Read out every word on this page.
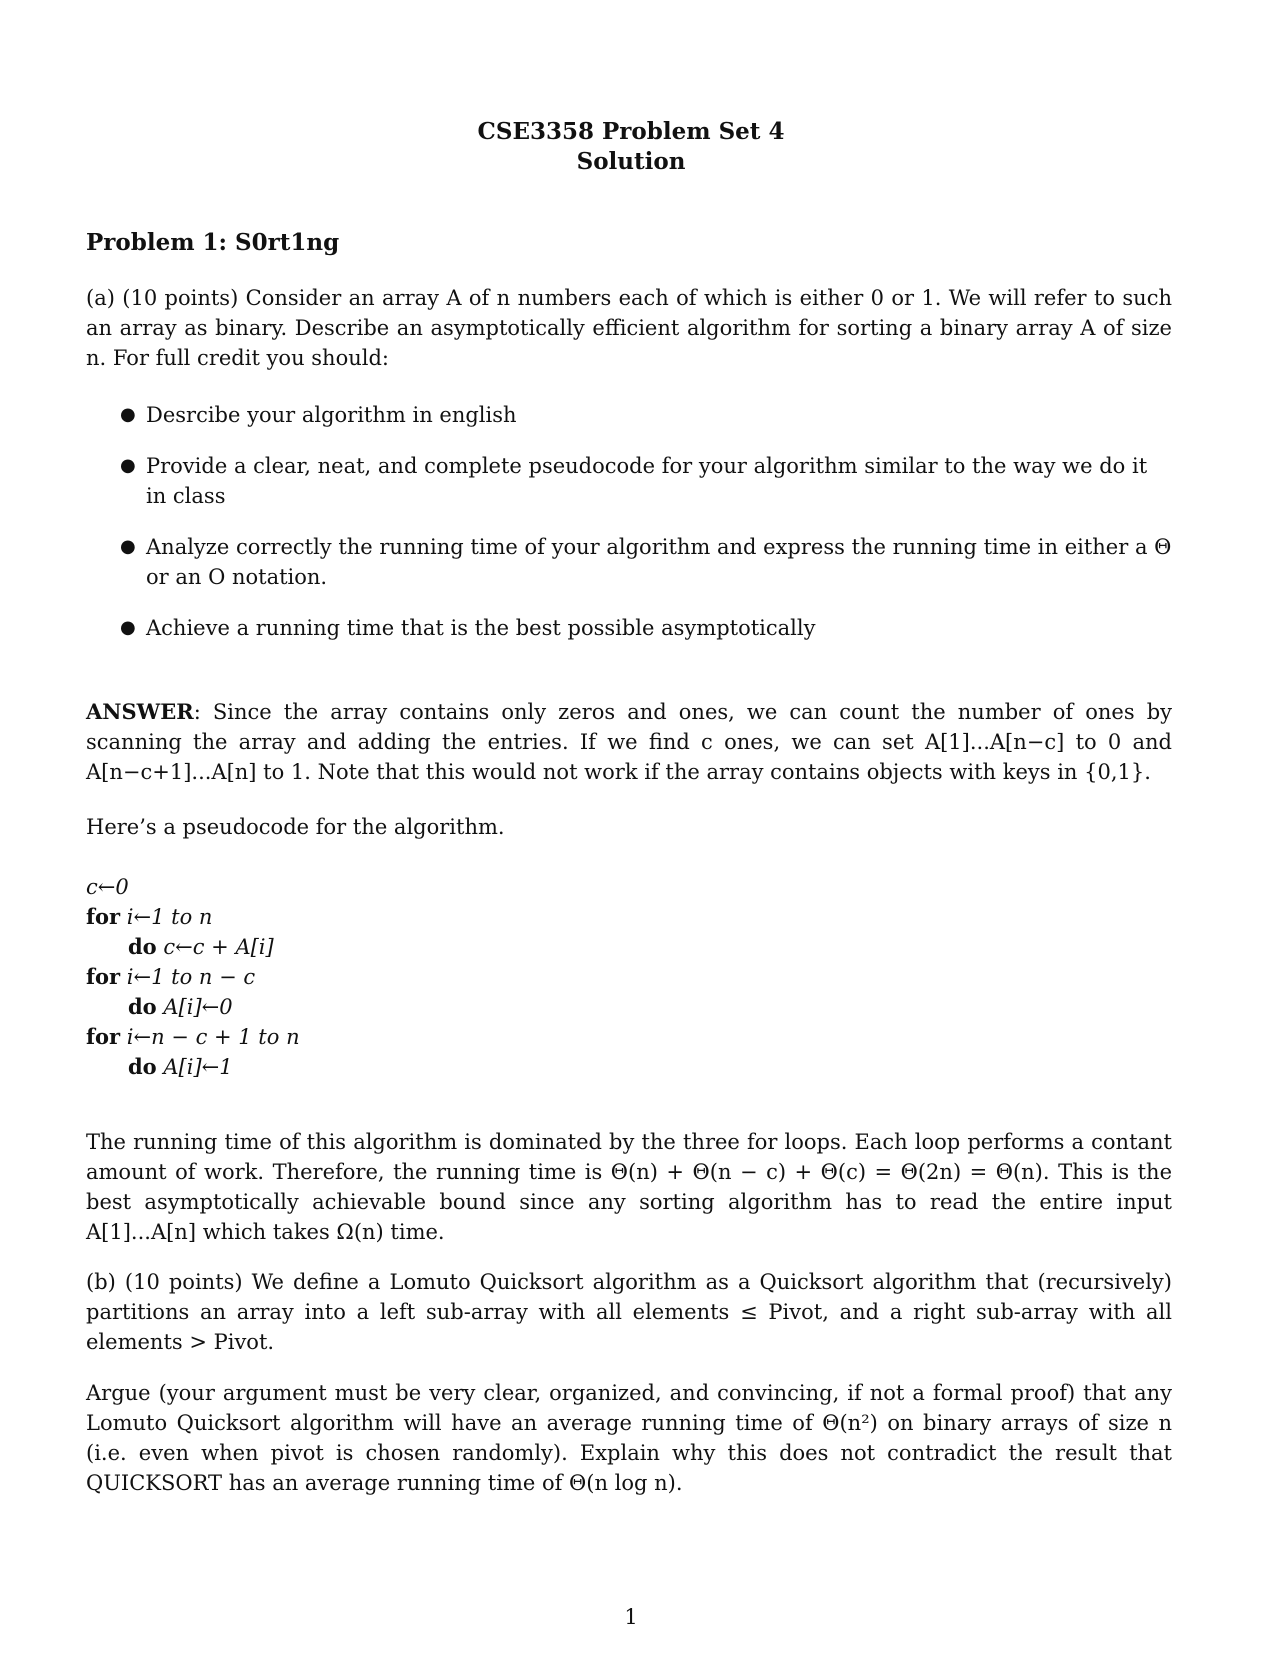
CSE3358 Problem Set 4
Solution
Problem 1: S0rt1ng

(a) (10 points) Consider an array A of n numbers each of which is either 0 or 1. We will refer to such an array as binary. Describe an asymptotically efficient algorithm for sorting a binary array A of size n. For full credit you should:

● Desrcibe your algorithm in english
● Provide a clear, neat, and complete pseudocode for your algorithm similar to the way we do it in class
● Analyze correctly the running time of your algorithm and express the running time in either a Θ or an O notation.
● Achieve a running time that is the best possible asymptotically

ANSWER: Since the array contains only zeros and ones, we can count the number of ones by scanning the array and adding the entries. If we find c ones, we can set A[1]...A[n−c] to 0 and A[n−c+1]...A[n] to 1. Note that this would not work if the array contains objects with keys in {0,1}.

Here’s a pseudocode for the algorithm.

c←0
for i←1 to n
do c←c + A[i]
for i←1 to n − c
do A[i]←0
for i←n − c + 1 to n
do A[i]←1

The running time of this algorithm is dominated by the three for loops. Each loop performs a contant amount of work. Therefore, the running time is Θ(n) + Θ(n − c) + Θ(c) = Θ(2n) = Θ(n). This is the best asymptotically achievable bound since any sorting algorithm has to read the entire input A[1]...A[n] which takes Ω(n) time.

(b) (10 points) We define a Lomuto Quicksort algorithm as a Quicksort algorithm that (recursively) partitions an array into a left sub-array with all elements ≤ Pivot, and a right sub-array with all elements > Pivot.

Argue (your argument must be very clear, organized, and convincing, if not a formal proof) that any Lomuto Quicksort algorithm will have an average running time of Θ(n²) on binary arrays of size n (i.e. even when pivot is chosen randomly). Explain why this does not contradict the result that QUICKSORT has an average running time of Θ(n log n).

1
